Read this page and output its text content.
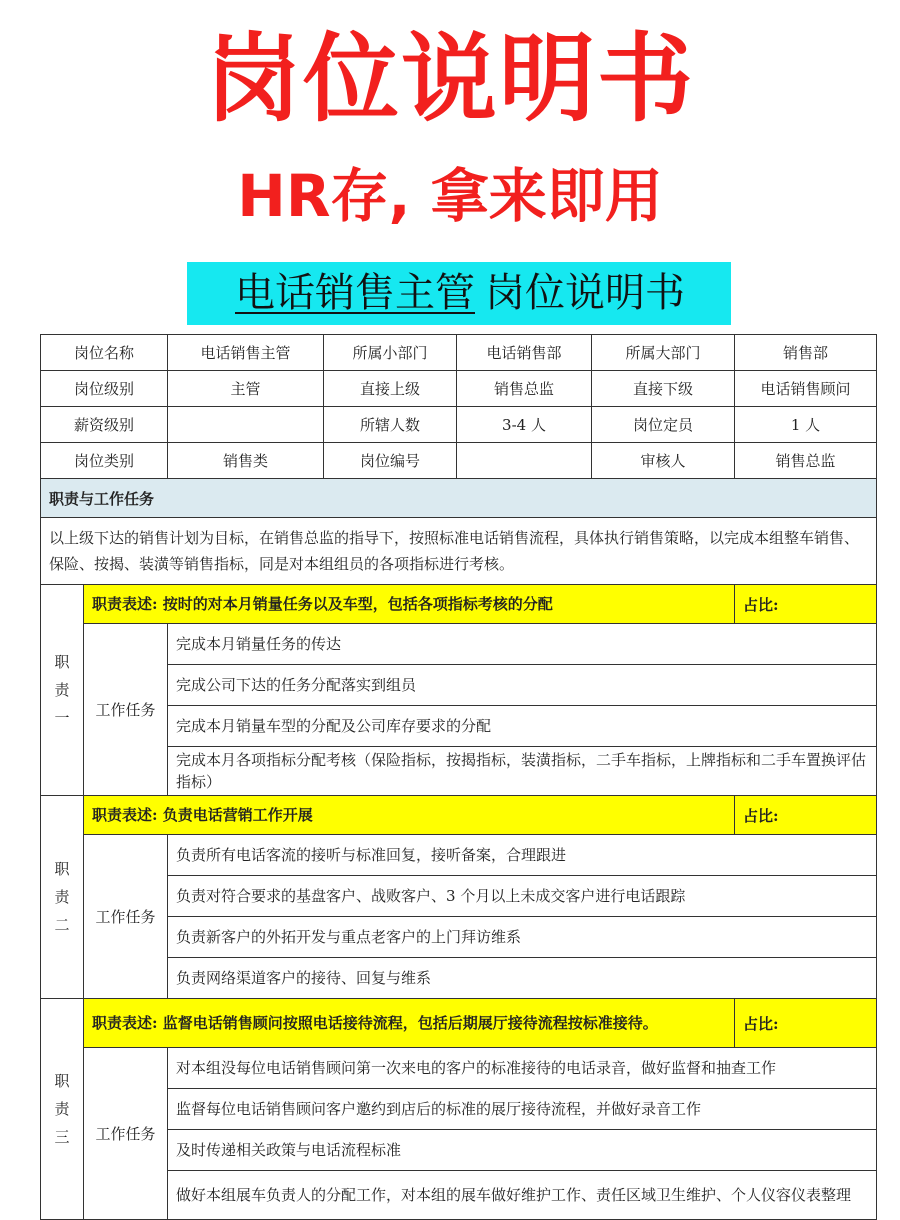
岗位说明书
HR存, 拿来即用
电话销售主管 岗位说明书
岗位名称		电话销售主管	所属小部门	电话销售部	所属大部门	销售部
岗位级别		主管	直接上级	销售总监	直接下级	电话销售顾问
薪资级别			所辖人数	3-4 人	岗位定员	1 人
岗位类别		销售类	岗位编号		审核人	销售总监
职责与工作任务						
以上级下达的销售计划为目标，在销售总监的指导下，按照标准电话销售流程，具体执行销售策略，以完成本组整车销售、保险、按揭、装潢等销售指标，同是对本组组员的各项指标进行考核。						
职责一	职责表述: 按时的对本月销量任务以及车型，包括各项指标考核的分配					占比:
	工作任务	完成本月销量任务的传达				
		完成公司下达的任务分配落实到组员				
		完成本月销量车型的分配及公司库存要求的分配				
		完成本月各项指标分配考核（保险指标，按揭指标，装潢指标，二手车指标，上牌指标和二手车置换评估指标）				
职责二	职责表述: 负责电话营销工作开展					占比:
	工作任务	负责所有电话客流的接听与标准回复，接听备案，合理跟进				
		负责对符合要求的基盘客户、战败客户、3 个月以上未成交客户进行电话跟踪				
		负责新客户的外拓开发与重点老客户的上门拜访维系				
		负责网络渠道客户的接待、回复与维系				
职责三	职责表述: 监督电话销售顾问按照电话接待流程，包括后期展厅接待流程按标准接待。					占比:
	工作任务	对本组没每位电话销售顾问第一次来电的客户的标准接待的电话录音，做好监督和抽查工作				
		监督每位电话销售顾问客户邀约到店后的标准的展厅接待流程，并做好录音工作				
		及时传递相关政策与电话流程标准				
		做好本组展车负责人的分配工作，对本组的展车做好维护工作、责任区域卫生维护、个人仪容仪表整理				
